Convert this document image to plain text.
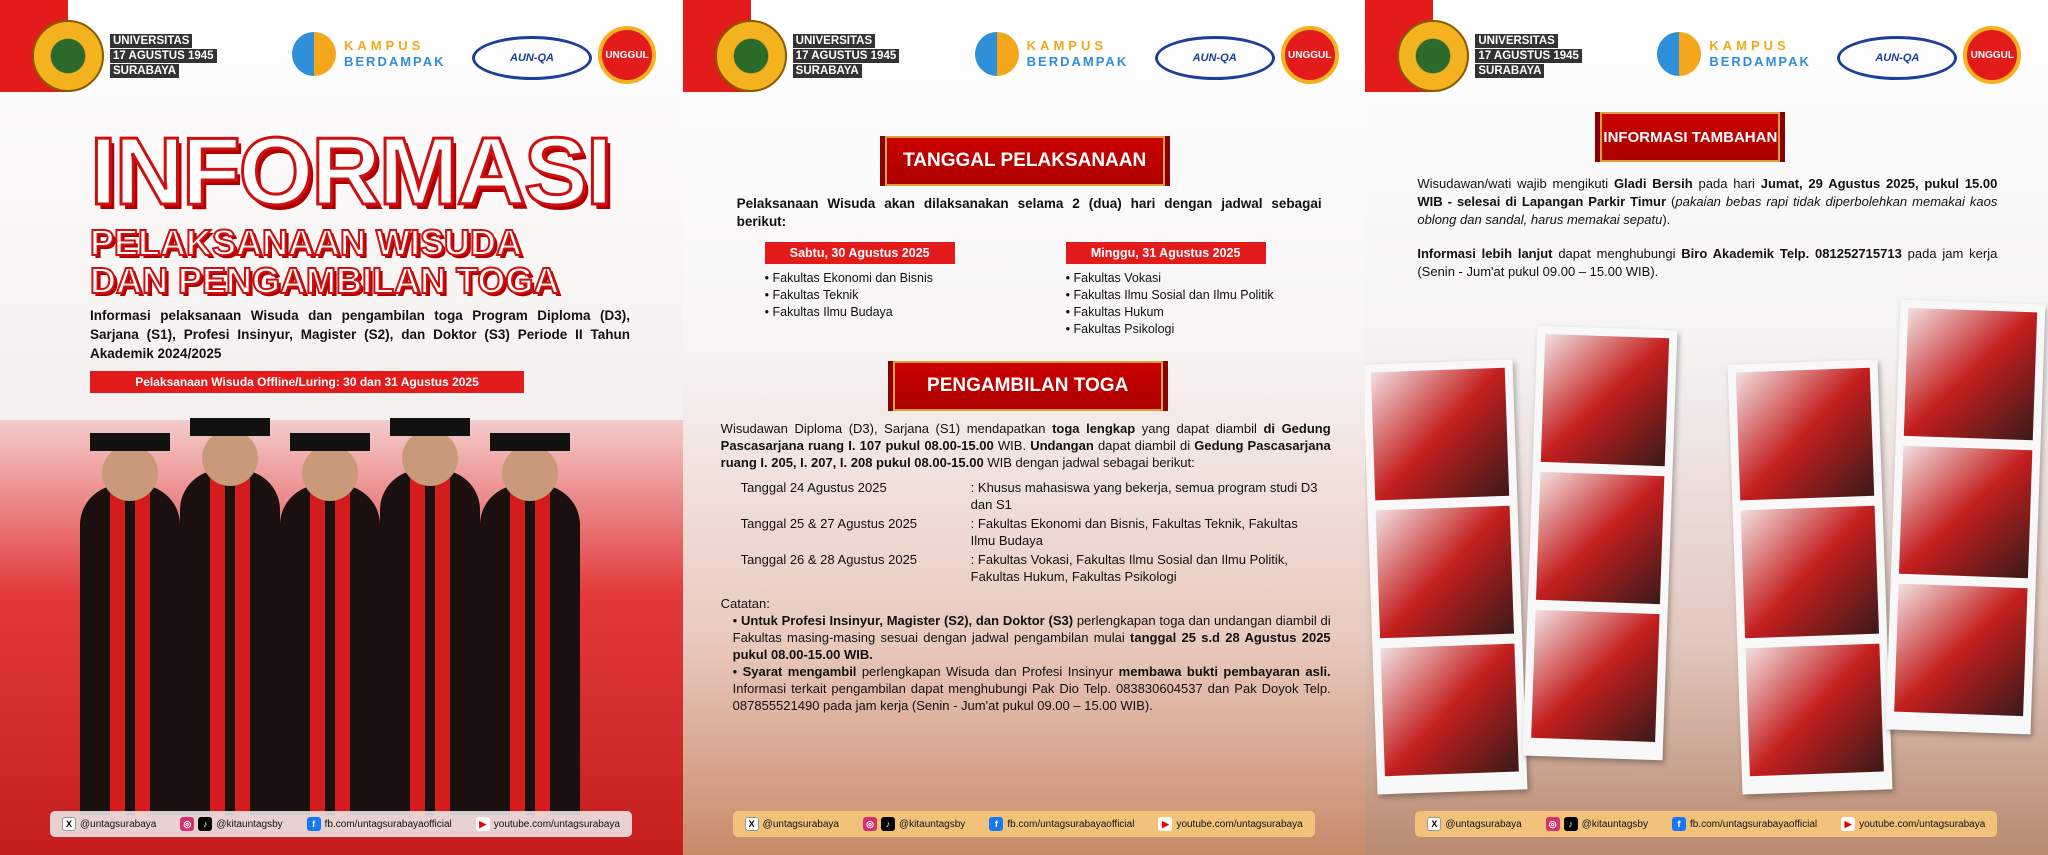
UNIVERSITAS
17 AGUSTUS 1945
SURABAYA
KAMPUS
BERDAMPAK	AUN-QA	UNGGUL
INFORMASI
PELAKSANAAN WISUDA
DAN PENGAMBILAN TOGA
Informasi pelaksanaan Wisuda dan pengambilan toga Program Diploma (D3), Sarjana (S1), Profesi Insinyur, Magister (S2), dan Doktor (S3) Periode II Tahun Akademik 2024/2025
Pelaksanaan Wisuda Offline/Luring: 30 dan 31 Agustus 2025
X @untagsurabaya	◎	♪ @kitauntagsby	f fb.com/untagsurabayaofficial	▶ youtube.com/untagsurabaya
UNIVERSITAS
17 AGUSTUS 1945
SURABAYA
KAMPUS
BERDAMPAK	AUN-QA	UNGGUL
TANGGAL PELAKSANAAN
Pelaksanaan Wisuda akan dilaksanakan selama 2 (dua) hari dengan jadwal sebagai berikut:
Sabtu, 30 Agustus 2025	Minggu, 31 Agustus 2025
• Fakultas Ekonomi dan Bisnis
• Fakultas Teknik
• Fakultas Ilmu Budaya
• Fakultas Vokasi
• Fakultas Ilmu Sosial dan Ilmu Politik
• Fakultas Hukum
• Fakultas Psikologi
PENGAMBILAN TOGA

Wisudawan Diploma (D3), Sarjana (S1) mendapatkan toga lengkap yang dapat diambil di Gedung Pascasarjana ruang I. 107 pukul 08.00-15.00 WIB. Undangan dapat diambil di Gedung Pascasarjana ruang I. 205, I. 207, I. 208 pukul 08.00-15.00 WIB dengan jadwal sebagai berikut:

Tanggal 24 Agustus 2025	: Khusus mahasiswa yang bekerja, semua program studi D3 dan S1
Tanggal 25 & 27 Agustus 2025	: Fakultas Ekonomi dan Bisnis, Fakultas Teknik, Fakultas Ilmu Budaya
Tanggal 26 & 28 Agustus 2025	: Fakultas Vokasi, Fakultas Ilmu Sosial dan Ilmu Politik, Fakultas Hukum, Fakultas Psikologi
Catatan:
• Untuk Profesi Insinyur, Magister (S2), dan Doktor (S3) perlengkapan toga dan undangan diambil di Fakultas masing-masing sesuai dengan jadwal pengambilan mulai tanggal 25 s.d 28 Agustus 2025 pukul 08.00-15.00 WIB.
• Syarat mengambil perlengkapan Wisuda dan Profesi Insinyur membawa bukti pembayaran asli. Informasi terkait pengambilan dapat menghubungi Pak Dio Telp. 083830604537 dan Pak Doyok Telp. 087855521490 pada jam kerja (Senin - Jum'at pukul 09.00 – 15.00 WIB).
X @untagsurabaya	◎	♪ @kitauntagsby	f fb.com/untagsurabayaofficial	▶ youtube.com/untagsurabaya
UNIVERSITAS
17 AGUSTUS 1945
SURABAYA
KAMPUS
BERDAMPAK	AUN-QA	UNGGUL
INFORMASI TAMBAHAN

Wisudawan/wati wajib mengikuti Gladi Bersih pada hari Jumat, 29 Agustus 2025, pukul 15.00 WIB - selesai di Lapangan Parkir Timur (pakaian bebas rapi tidak diperbolehkan memakai kaos oblong dan sandal, harus memakai sepatu).

Informasi lebih lanjut dapat menghubungi Biro Akademik Telp. 081252715713 pada jam kerja (Senin - Jum'at pukul 09.00 – 15.00 WIB).

X @untagsurabaya	◎	♪ @kitauntagsby	f fb.com/untagsurabayaofficial	▶ youtube.com/untagsurabaya
